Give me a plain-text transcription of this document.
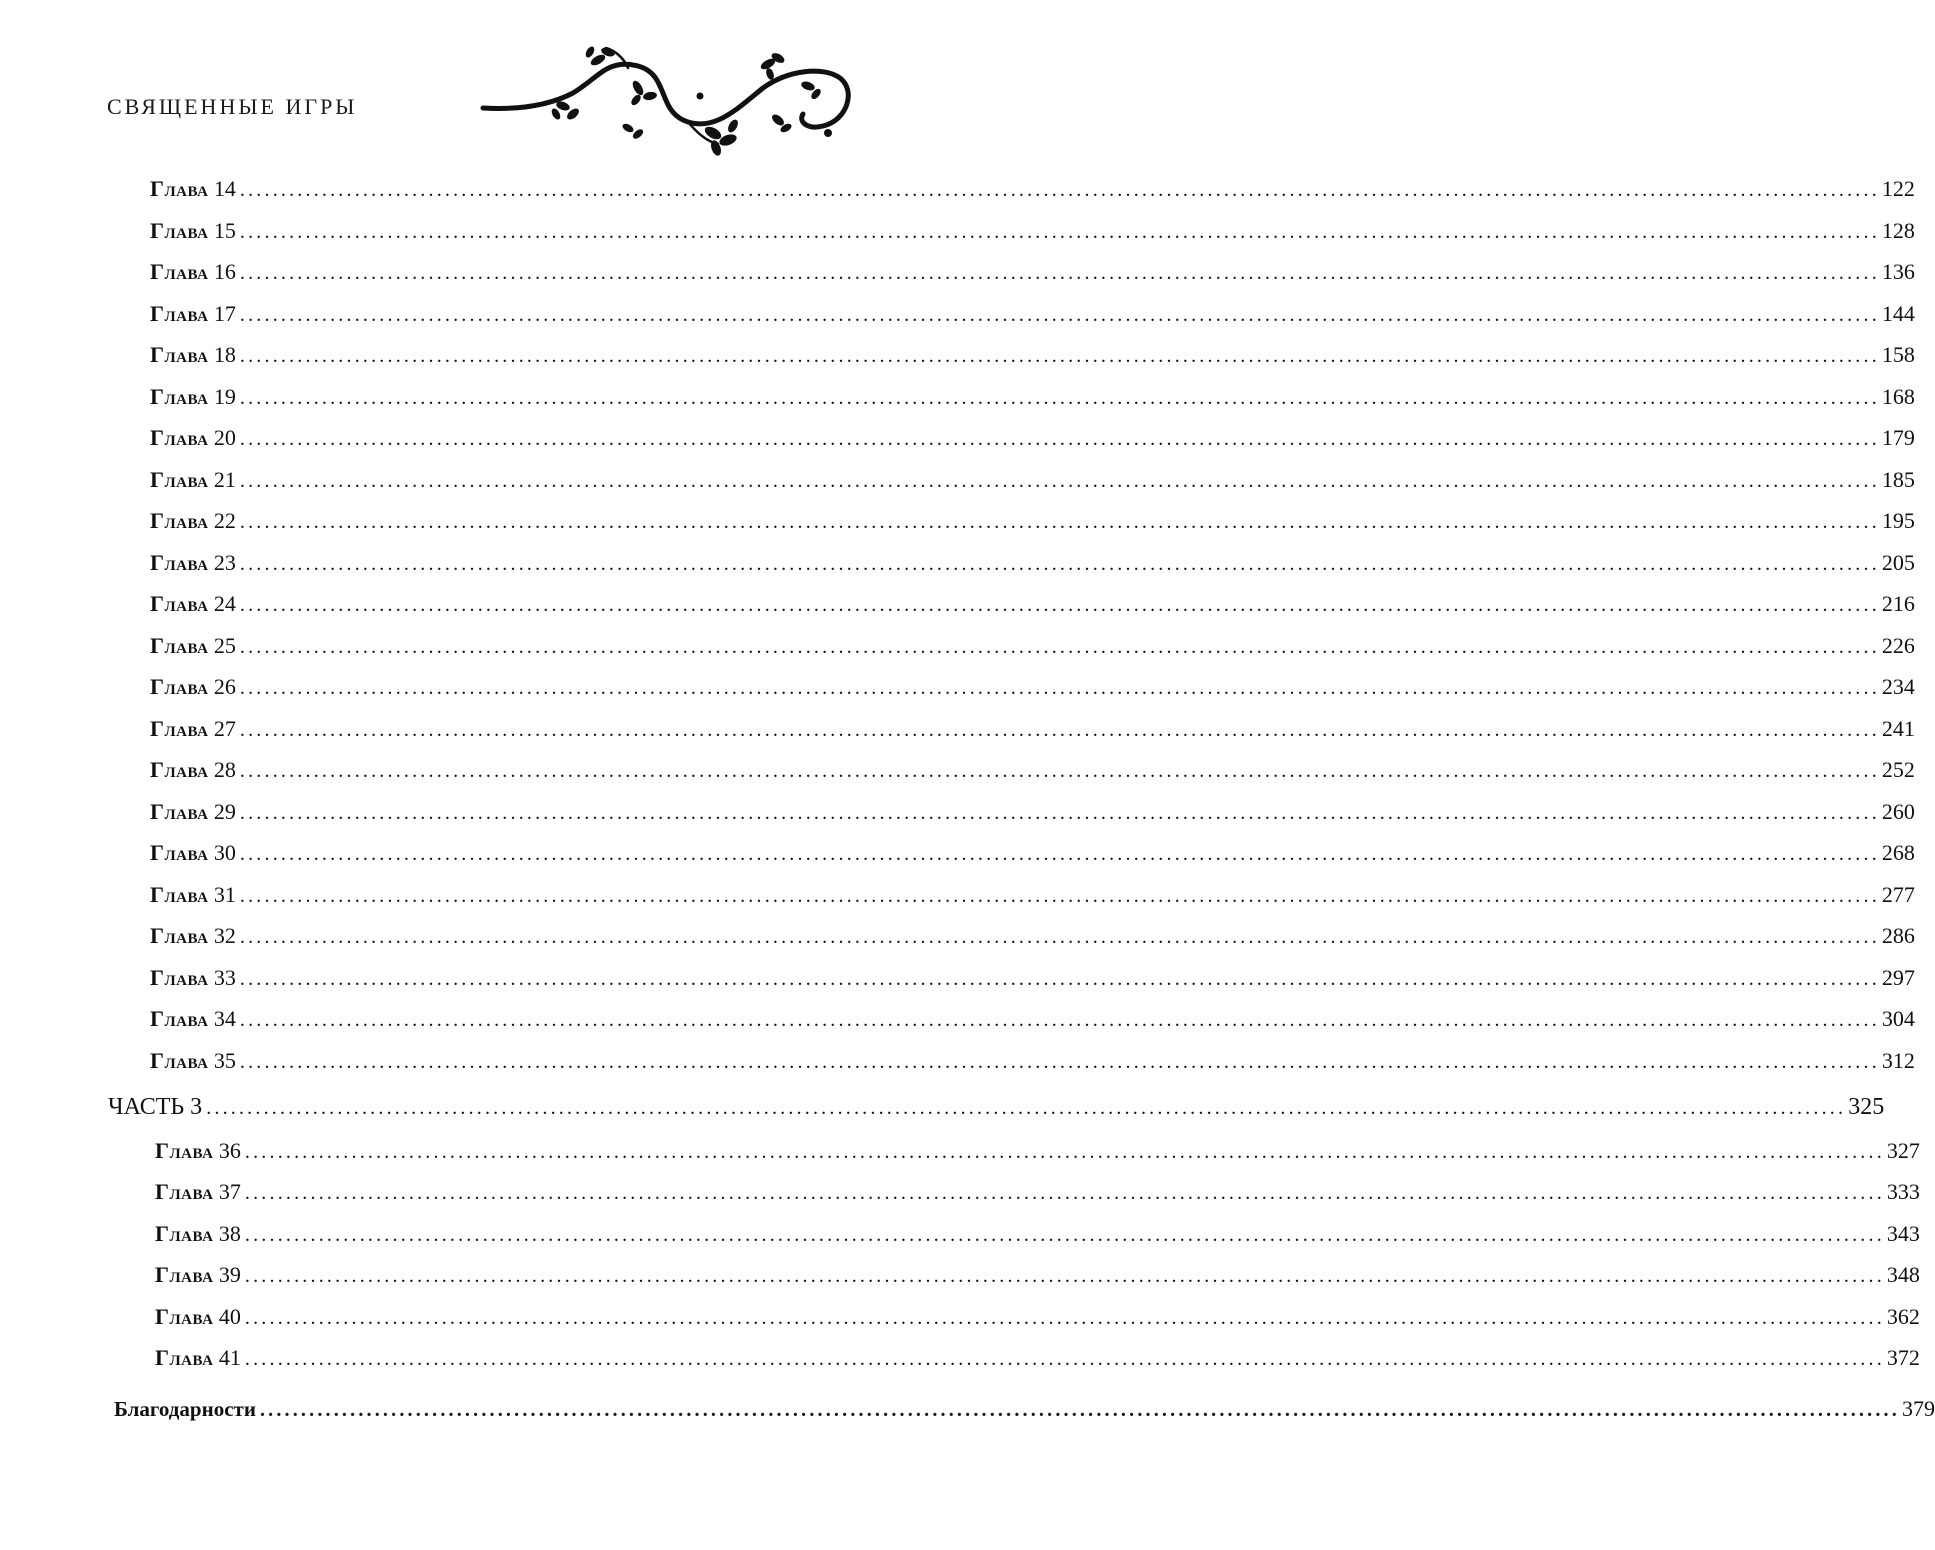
СВЯЩЕННЫЕ ИГРЫ
Глава 14 ........................................................................................................................................................................................................ 122
Глава 15 ........................................................................................................................................................................................................ 128
Глава 16 ........................................................................................................................................................................................................ 136
Глава 17 ........................................................................................................................................................................................................ 144
Глава 18 ........................................................................................................................................................................................................ 158
Глава 19 ........................................................................................................................................................................................................ 168
Глава 20 ........................................................................................................................................................................................................ 179
Глава 21 ........................................................................................................................................................................................................ 185
Глава 22 ........................................................................................................................................................................................................ 195
Глава 23 ........................................................................................................................................................................................................ 205
Глава 24 ........................................................................................................................................................................................................ 216
Глава 25 ........................................................................................................................................................................................................ 226
Глава 26 ........................................................................................................................................................................................................ 234
Глава 27 ........................................................................................................................................................................................................ 241
Глава 28 ........................................................................................................................................................................................................ 252
Глава 29 ........................................................................................................................................................................................................ 260
Глава 30 ........................................................................................................................................................................................................ 268
Глава 31 ........................................................................................................................................................................................................ 277
Глава 32 ........................................................................................................................................................................................................ 286
Глава 33 ........................................................................................................................................................................................................ 297
Глава 34 ........................................................................................................................................................................................................ 304
Глава 35 ........................................................................................................................................................................................................ 312
ЧАСТЬ 3 ........................................................................................................................................................................................................ 325
Глава 36 ........................................................................................................................................................................................................ 327
Глава 37 ........................................................................................................................................................................................................ 333
Глава 38 ........................................................................................................................................................................................................ 343
Глава 39 ........................................................................................................................................................................................................ 348
Глава 40 ........................................................................................................................................................................................................ 362
Глава 41 ........................................................................................................................................................................................................ 372
Благодарности ........................................................................................................................................................................................................ 379
